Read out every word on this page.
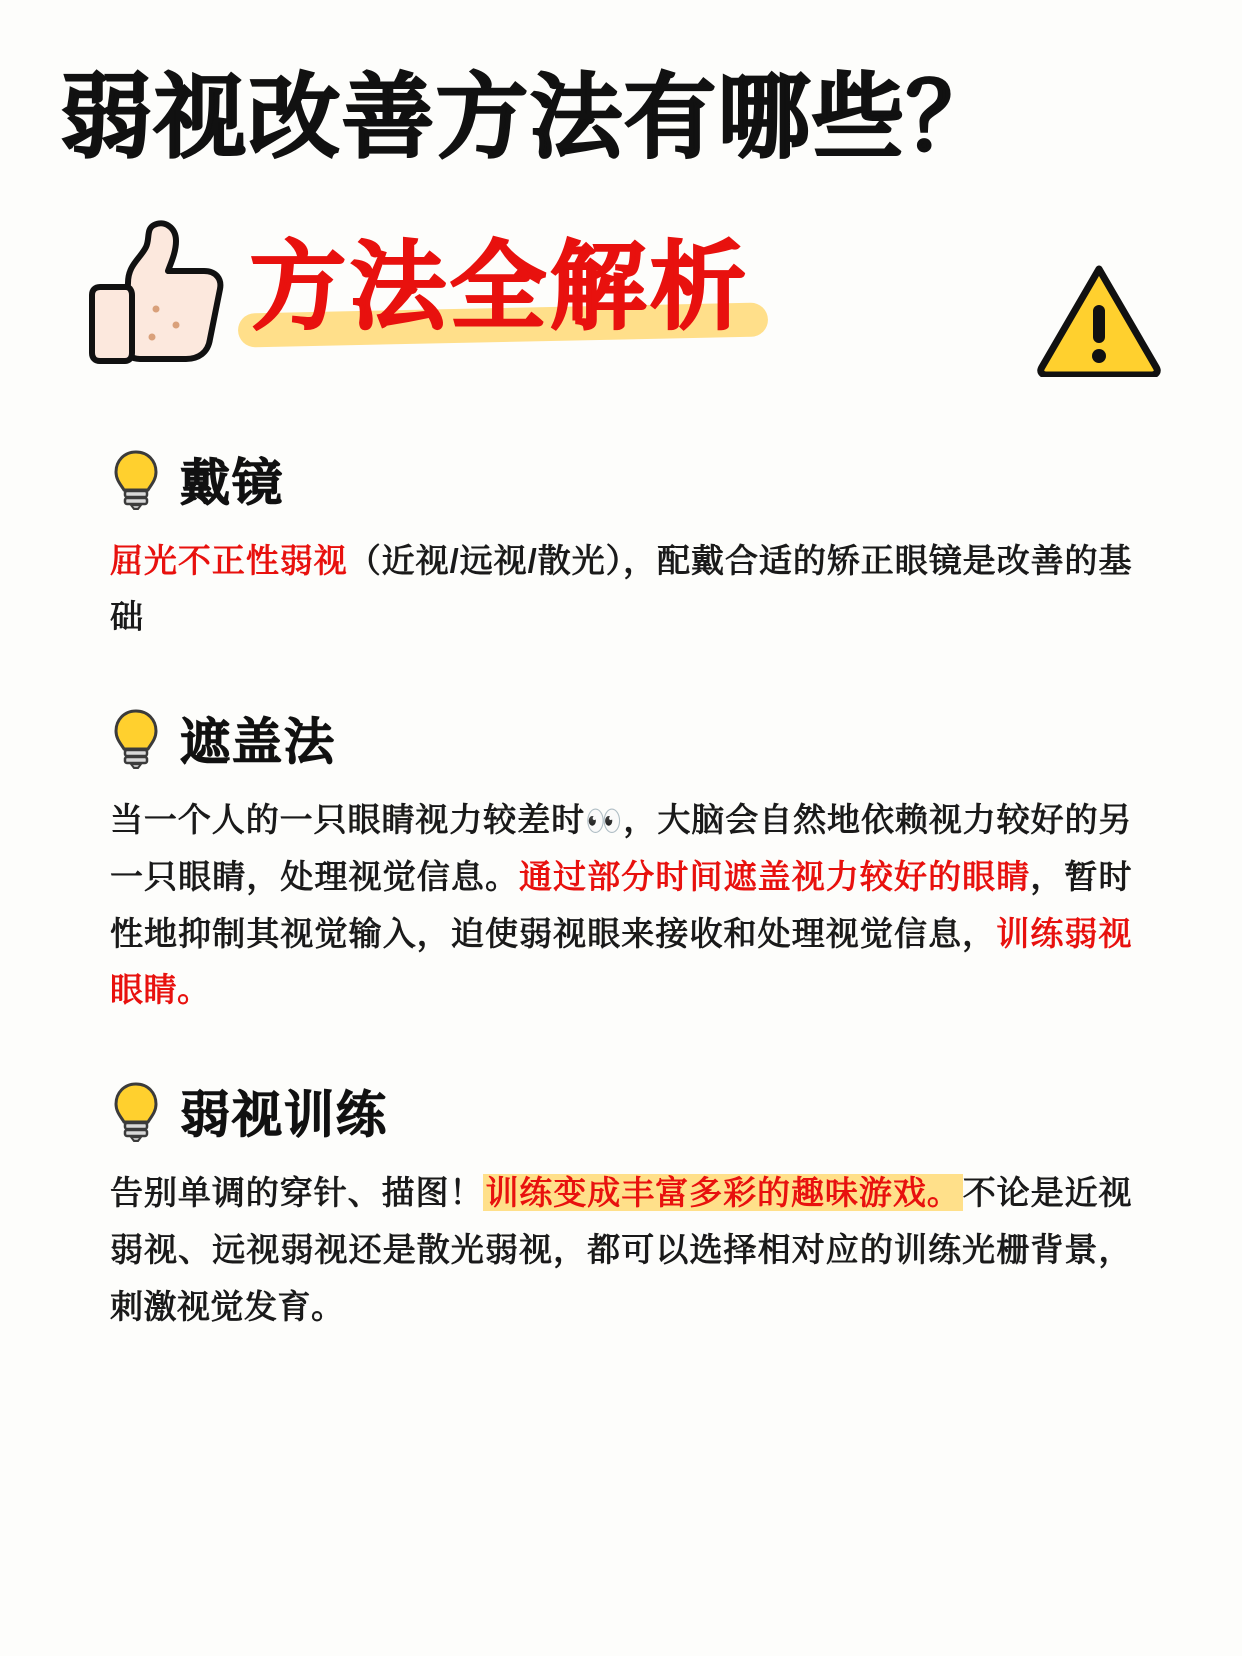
弱视改善方法有哪些？
方法全解析
戴镜
屈光不正性弱视（近视/远视/散光），配戴合适的矫正眼镜是改善的基础
遮盖法
当一个人的一只眼睛视力较差时👀，大脑会自然地依赖视力较好的另一只眼睛，处理视觉信息。通过部分时间遮盖视力较好的眼睛，暂时性地抑制其视觉输入，迫使弱视眼来接收和处理视觉信息，训练弱视眼睛。
弱视训练
告别单调的穿针、描图！训练变成丰富多彩的趣味游戏。不论是近视弱视、远视弱视还是散光弱视，都可以选择相对应的训练光栅背景，刺激视觉发育。
